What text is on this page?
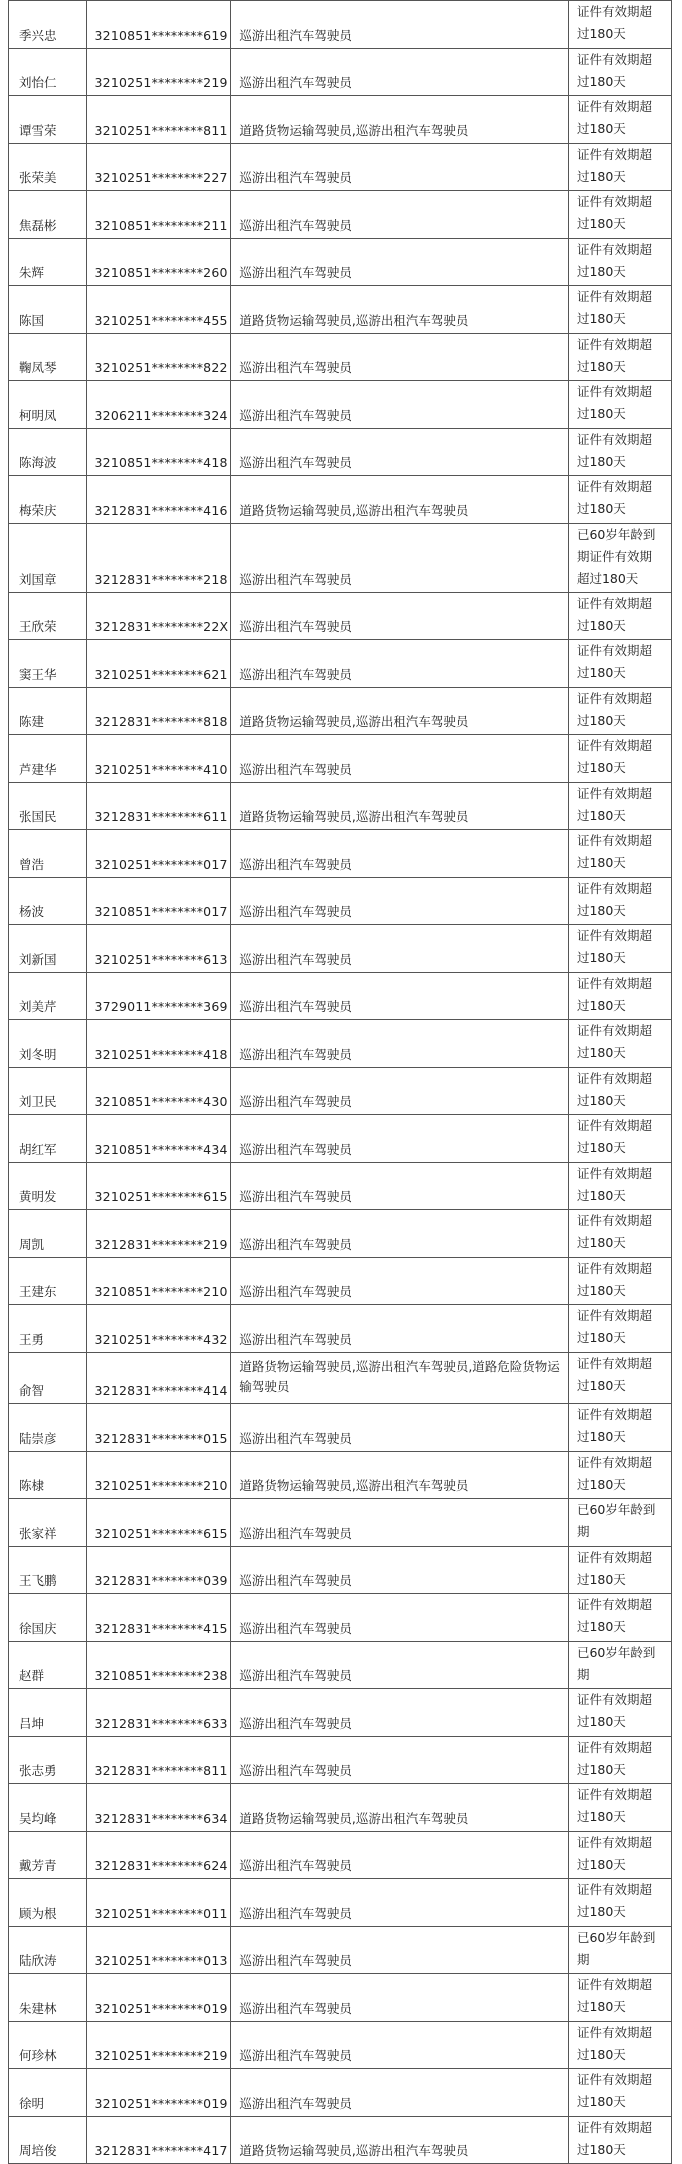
季兴忠	3210851********619	巡游出租汽车驾驶员	证件有效期超过180天
刘怡仁	3210251********219	巡游出租汽车驾驶员	证件有效期超过180天
谭雪荣	3210251********811	道路货物运输驾驶员,巡游出租汽车驾驶员	证件有效期超过180天
张荣美	3210251********227	巡游出租汽车驾驶员	证件有效期超过180天
焦磊彬	3210851********211	巡游出租汽车驾驶员	证件有效期超过180天
朱辉	3210851********260	巡游出租汽车驾驶员	证件有效期超过180天
陈国	3210251********455	道路货物运输驾驶员,巡游出租汽车驾驶员	证件有效期超过180天
鞠凤琴	3210251********822	巡游出租汽车驾驶员	证件有效期超过180天
柯明凤	3206211********324	巡游出租汽车驾驶员	证件有效期超过180天
陈海波	3210851********418	巡游出租汽车驾驶员	证件有效期超过180天
梅荣庆	3212831********416	道路货物运输驾驶员,巡游出租汽车驾驶员	证件有效期超过180天
刘国章	3212831********218	巡游出租汽车驾驶员	已60岁年龄到期证件有效期超过180天
王欣荣	3212831********22X	巡游出租汽车驾驶员	证件有效期超过180天
窦王华	3210251********621	巡游出租汽车驾驶员	证件有效期超过180天
陈建	3212831********818	道路货物运输驾驶员,巡游出租汽车驾驶员	证件有效期超过180天
芦建华	3210251********410	巡游出租汽车驾驶员	证件有效期超过180天
张国民	3212831********611	道路货物运输驾驶员,巡游出租汽车驾驶员	证件有效期超过180天
曾浩	3210251********017	巡游出租汽车驾驶员	证件有效期超过180天
杨波	3210851********017	巡游出租汽车驾驶员	证件有效期超过180天
刘新国	3210251********613	巡游出租汽车驾驶员	证件有效期超过180天
刘美芹	3729011********369	巡游出租汽车驾驶员	证件有效期超过180天
刘冬明	3210251********418	巡游出租汽车驾驶员	证件有效期超过180天
刘卫民	3210851********430	巡游出租汽车驾驶员	证件有效期超过180天
胡红军	3210851********434	巡游出租汽车驾驶员	证件有效期超过180天
黄明发	3210251********615	巡游出租汽车驾驶员	证件有效期超过180天
周凯	3212831********219	巡游出租汽车驾驶员	证件有效期超过180天
王建东	3210851********210	巡游出租汽车驾驶员	证件有效期超过180天
王勇	3210251********432	巡游出租汽车驾驶员	证件有效期超过180天
俞智	3212831********414	道路货物运输驾驶员,巡游出租汽车驾驶员,道路危险货物运输驾驶员	证件有效期超过180天
陆崇彦	3212831********015	巡游出租汽车驾驶员	证件有效期超过180天
陈棣	3210251********210	道路货物运输驾驶员,巡游出租汽车驾驶员	证件有效期超过180天
张家祥	3210251********615	巡游出租汽车驾驶员	已60岁年龄到期
王飞鹏	3212831********039	巡游出租汽车驾驶员	证件有效期超过180天
徐国庆	3212831********415	巡游出租汽车驾驶员	证件有效期超过180天
赵群	3210851********238	巡游出租汽车驾驶员	已60岁年龄到期
吕坤	3212831********633	巡游出租汽车驾驶员	证件有效期超过180天
张志勇	3212831********811	巡游出租汽车驾驶员	证件有效期超过180天
吴均峰	3212831********634	道路货物运输驾驶员,巡游出租汽车驾驶员	证件有效期超过180天
戴芳青	3212831********624	巡游出租汽车驾驶员	证件有效期超过180天
顾为根	3210251********011	巡游出租汽车驾驶员	证件有效期超过180天
陆欣涛	3210251********013	巡游出租汽车驾驶员	已60岁年龄到期
朱建林	3210251********019	巡游出租汽车驾驶员	证件有效期超过180天
何珍林	3210251********219	巡游出租汽车驾驶员	证件有效期超过180天
徐明	3210251********019	巡游出租汽车驾驶员	证件有效期超过180天
周培俊	3212831********417	道路货物运输驾驶员,巡游出租汽车驾驶员	证件有效期超过180天
